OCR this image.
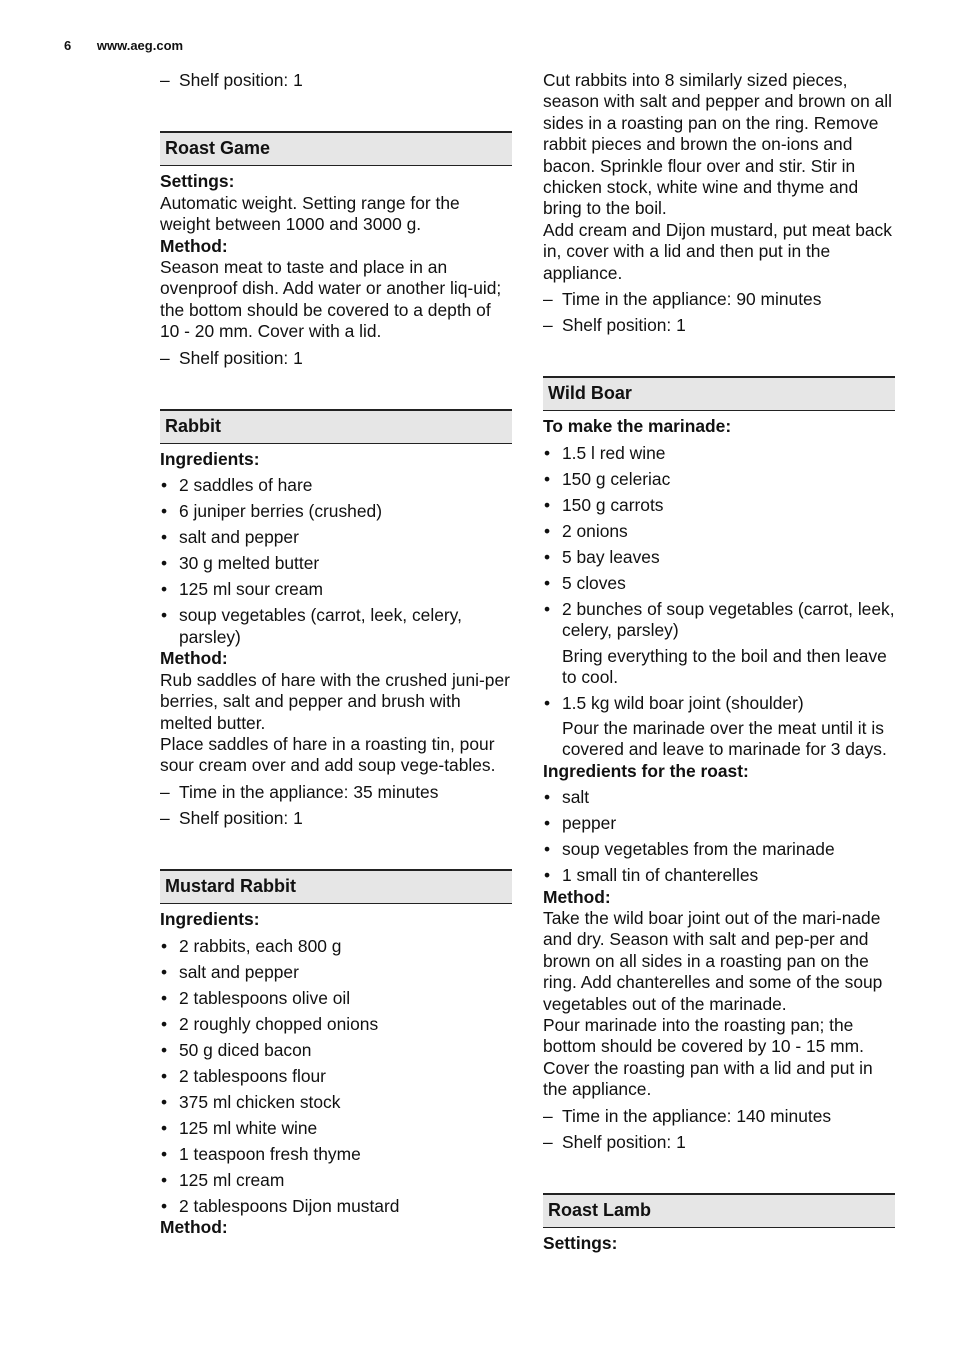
6 www.aeg.com
– Shelf position: 1
Roast Game

Settings:

Automatic weight. Setting range for the weight between 1000 and 3000 g.

Method:

Season meat to taste and place in an ovenproof dish. Add water or another liq-uid; the bottom should be covered to a depth of 10 - 20 mm. Cover with a lid.

– Shelf position: 1
Rabbit

Ingredients:

• 2 saddles of hare
• 6 juniper berries (crushed)
• salt and pepper
• 30 g melted butter
• 125 ml sour cream
• soup vegetables (carrot, leek, celery, parsley)

Method:

Rub saddles of hare with the crushed juni-per berries, salt and pepper and brush with melted butter.

Place saddles of hare in a roasting tin, pour sour cream over and add soup vege-tables.

– Time in the appliance: 35 minutes
– Shelf position: 1
Mustard Rabbit

Ingredients:

• 2 rabbits, each 800 g
• salt and pepper
• 2 tablespoons olive oil
• 2 roughly chopped onions
• 50 g diced bacon
• 2 tablespoons flour
• 375 ml chicken stock
• 125 ml white wine
• 1 teaspoon fresh thyme
• 125 ml cream
• 2 tablespoons Dijon mustard

Method:

Cut rabbits into 8 similarly sized pieces, season with salt and pepper and brown on all sides in a roasting pan on the ring. Remove rabbit pieces and brown the on-ions and bacon. Sprinkle flour over and stir. Stir in chicken stock, white wine and thyme and bring to the boil.

Add cream and Dijon mustard, put meat back in, cover with a lid and then put in the appliance.

– Time in the appliance: 90 minutes
– Shelf position: 1
Wild Boar

To make the marinade:

• 1.5 l red wine
• 150 g celeriac
• 150 g carrots
• 2 onions
• 5 bay leaves
• 5 cloves
• 2 bunches of soup vegetables (carrot, leek, celery, parsley)

Bring everything to the boil and then leave to cool.

• 1.5 kg wild boar joint (shoulder)

Pour the marinade over the meat until it is covered and leave to marinade for 3 days.

Ingredients for the roast:

• salt
• pepper
• soup vegetables from the marinade
• 1 small tin of chanterelles

Method:

Take the wild boar joint out of the mari-nade and dry. Season with salt and pep-per and brown on all sides in a roasting pan on the ring. Add chanterelles and some of the soup vegetables out of the marinade.

Pour marinade into the roasting pan; the bottom should be covered by 10 - 15 mm. Cover the roasting pan with a lid and put in the appliance.

– Time in the appliance: 140 minutes
– Shelf position: 1
Roast Lamb

Settings:
